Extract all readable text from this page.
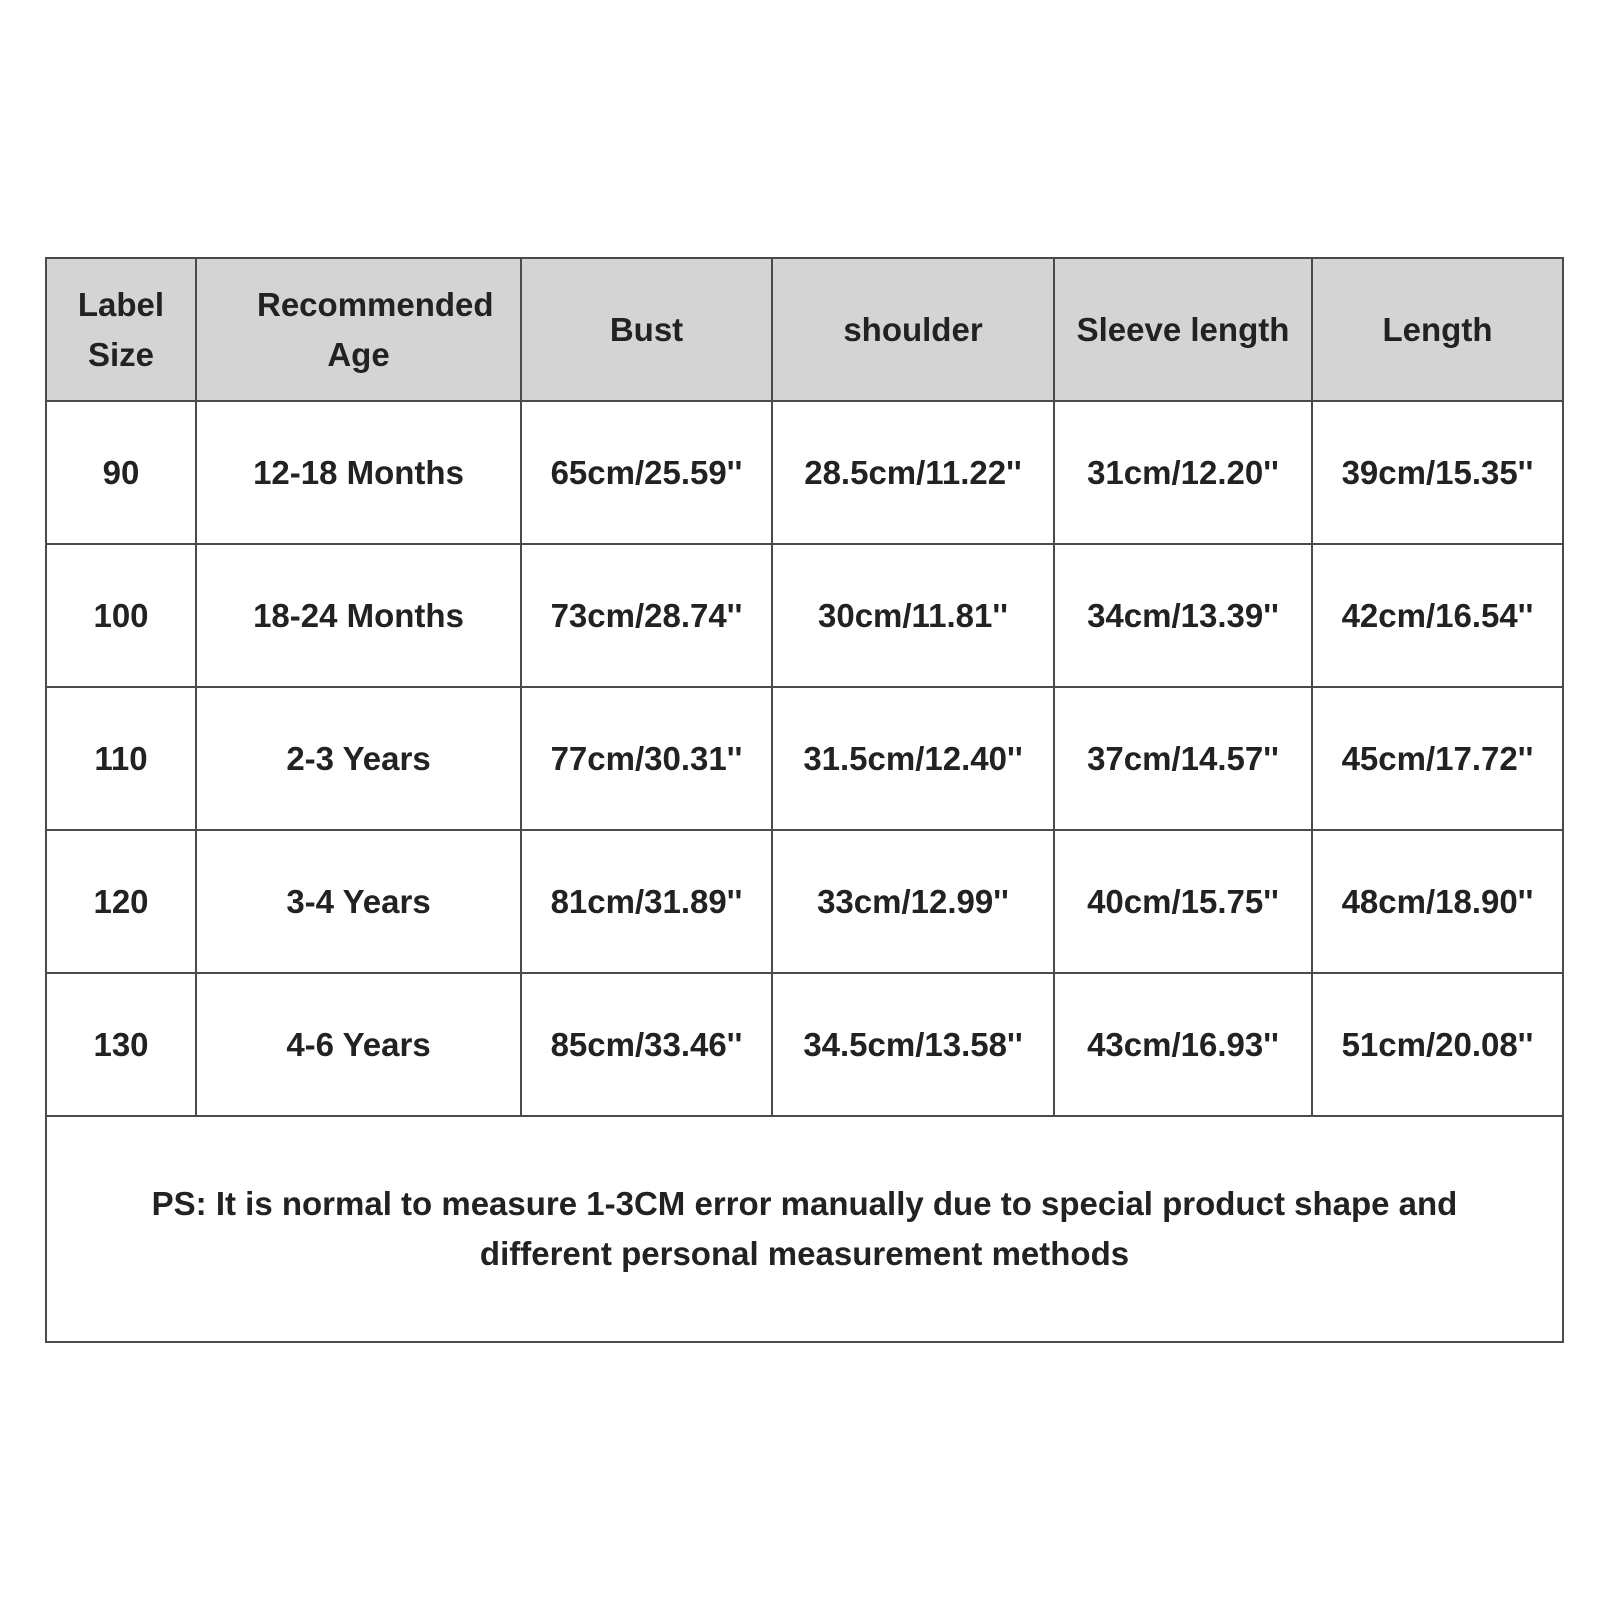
Label Size	Recommended Age	Bust	shoulder	Sleeve length	Length
90	12-18 Months	65cm/25.59''	28.5cm/11.22''	31cm/12.20''	39cm/15.35''
100	18-24 Months	73cm/28.74''	30cm/11.81''	34cm/13.39''	42cm/16.54''
110	2-3 Years	77cm/30.31''	31.5cm/12.40''	37cm/14.57''	45cm/17.72''
120	3-4 Years	81cm/31.89''	33cm/12.99''	40cm/15.75''	48cm/18.90''
130	4-6 Years	85cm/33.46''	34.5cm/13.58''	43cm/16.93''	51cm/20.08''
PS: It is normal to measure 1-3CM error manually due to special product shape and different personal measurement methods					
